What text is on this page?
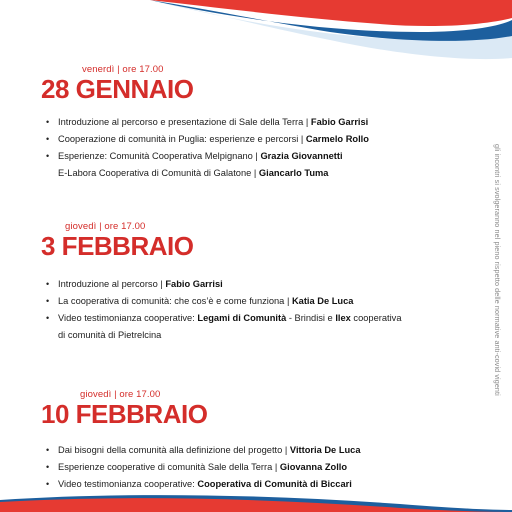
venerdì | ore 17.00
28 GENNAIO
• Introduzione al percorso e presentazione di Sale della Terra | Fabio Garrisi
• Cooperazione di comunità in Puglia: esperienze e percorsi | Carmelo Rollo
• Esperienze: Comunità Cooperativa Melpignano | Grazia Giovannetti
E-Labora Cooperativa di Comunità di Galatone | Giancarlo Tuma
giovedì | ore 17.00
3 FEBBRAIO
• Introduzione al percorso | Fabio Garrisi
• La cooperativa di comunità: che cos’è e come funziona | Katia De Luca
• Video testimonianza cooperative: Legami di Comunità - Brindisi e Ilex cooperativa
di comunità di Pietrelcina
giovedì | ore 17.00
10 FEBBRAIO
• Dai bisogni della comunità alla definizione del progetto | Vittoria De Luca
• Esperienze cooperative di comunità Sale della Terra | Giovanna Zollo
• Video testimonianza cooperative: Cooperativa di Comunità di Biccari
gli incontri si svolgeranno nel pieno rispetto delle normative anti-covid vigenti
